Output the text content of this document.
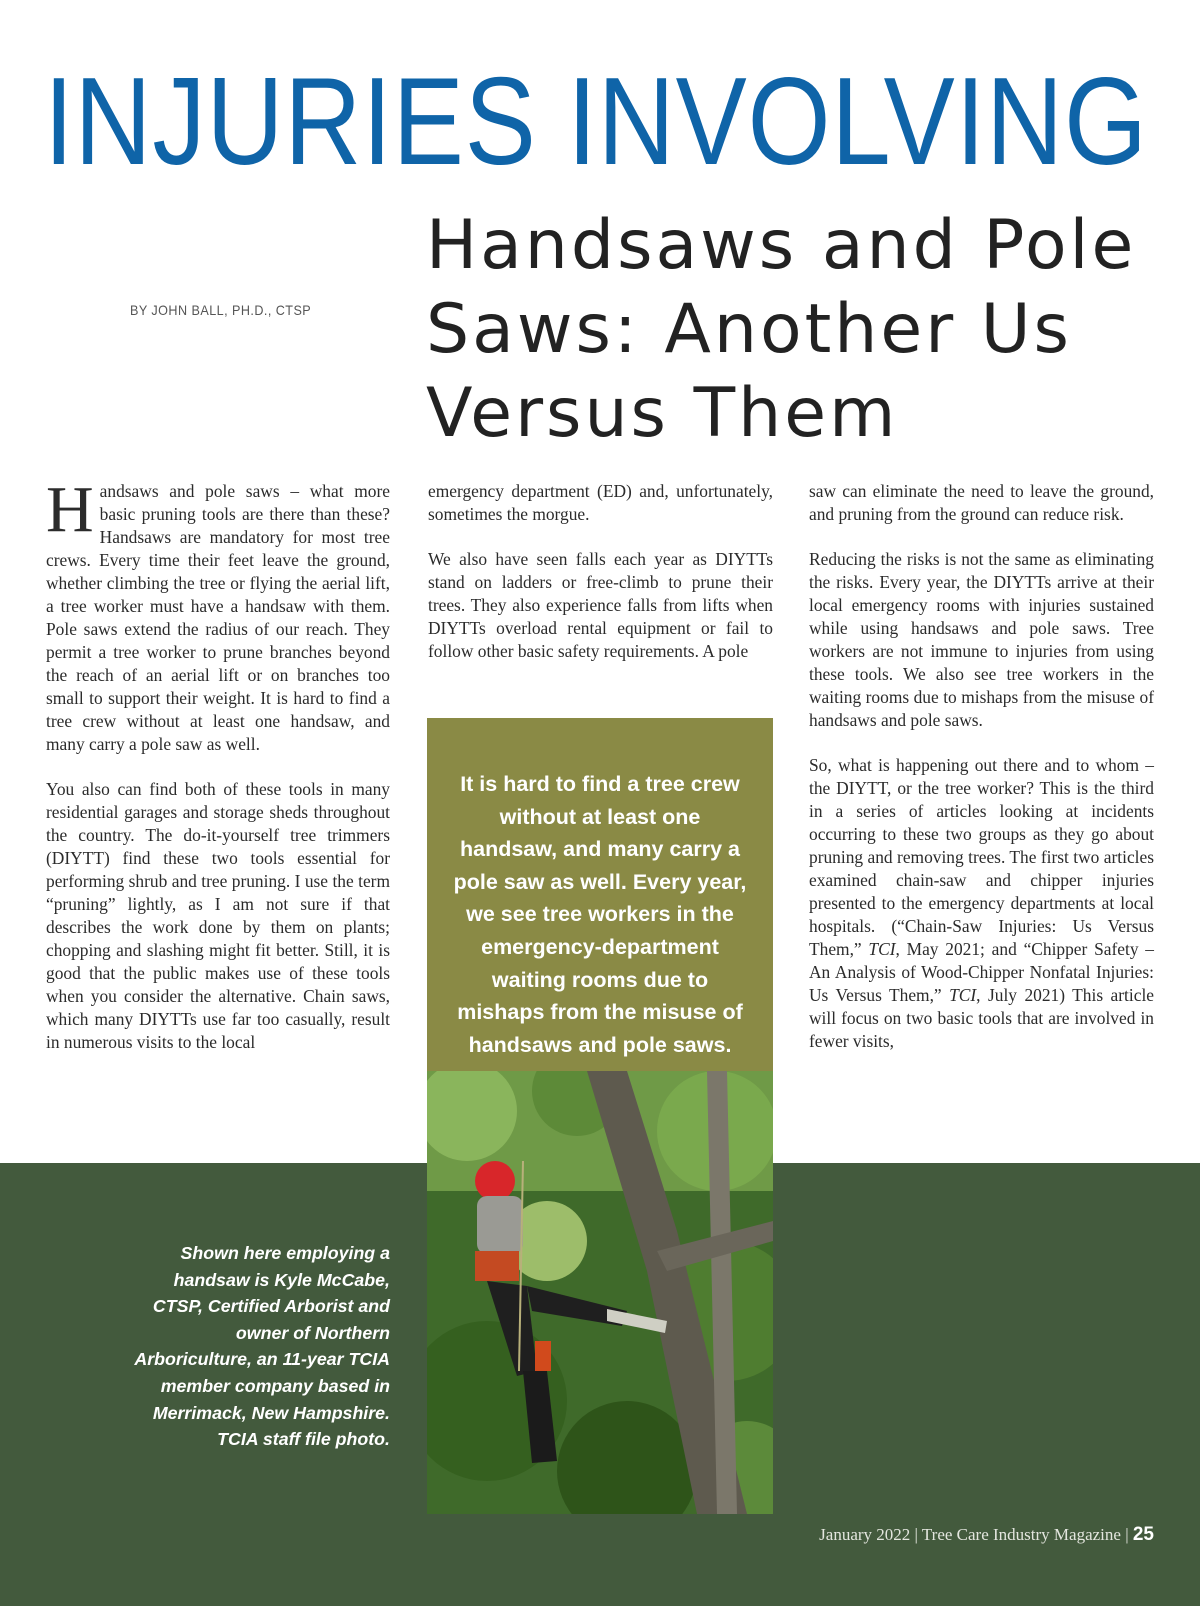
INJURIES INVOLVING
Handsaws and Pole
Saws: Another Us
Versus Them
BY JOHN BALL, PH.D., CTSP

Handsaws and pole saws – what more basic pruning tools are there than these? Handsaws are mandatory for most tree crews. Every time their feet leave the ground, whether climbing the tree or flying the aerial lift, a tree worker must have a handsaw with them. Pole saws extend the radius of our reach. They permit a tree worker to prune branches beyond the reach of an aerial lift or on branches too small to support their weight. It is hard to find a tree crew without at least one handsaw, and many carry a pole saw as well.

You also can find both of these tools in many residential garages and storage sheds throughout the country. The do-it-yourself tree trimmers (DIYTT) find these two tools essential for performing shrub and tree pruning. I use the term “pruning” lightly, as I am not sure if that describes the work done by them on plants; chopping and slashing might fit better. Still, it is good that the public makes use of these tools when you consider the alternative. Chain saws, which many DIYTTs use far too casually, result in numerous visits to the local

emergency department (ED) and, unfortunately, sometimes the morgue.

We also have seen falls each year as DIYTTs stand on ladders or free-climb to prune their trees. They also experience falls from lifts when DIYTTs overload rental equipment or fail to follow other basic safety requirements. A pole

saw can eliminate the need to leave the ground, and pruning from the ground can reduce risk.

Reducing the risks is not the same as eliminating the risks. Every year, the DIYTTs arrive at their local emergency rooms with injuries sustained while using handsaws and pole saws. Tree workers are not immune to injuries from using these tools. We also see tree workers in the waiting rooms due to mishaps from the misuse of handsaws and pole saws.

So, what is happening out there and to whom – the DIYTT, or the tree worker? This is the third in a series of articles looking at incidents occurring to these two groups as they go about pruning and removing trees. The first two articles examined chain-saw and chipper injuries presented to the emergency departments at local hospitals. (“Chain-Saw Injuries: Us Versus Them,” TCI, May 2021; and “Chipper Safety – An Analysis of Wood-Chipper Nonfatal Injuries: Us Versus Them,” TCI, July 2021) This article will focus on two basic tools that are involved in fewer visits,

It is hard to find a tree crew without at least one handsaw, and many carry a pole saw as well. Every year, we see tree workers in the emergency-department waiting rooms due to mishaps from the misuse of handsaws and pole saws.
Shown here employing a handsaw is Kyle McCabe, CTSP, Certified Arborist and owner of Northern Arboriculture, an 11-year TCIA member company based in Merrimack, New Hampshire. TCIA staff file photo.
January 2022 | Tree Care Industry Magazine | 25
